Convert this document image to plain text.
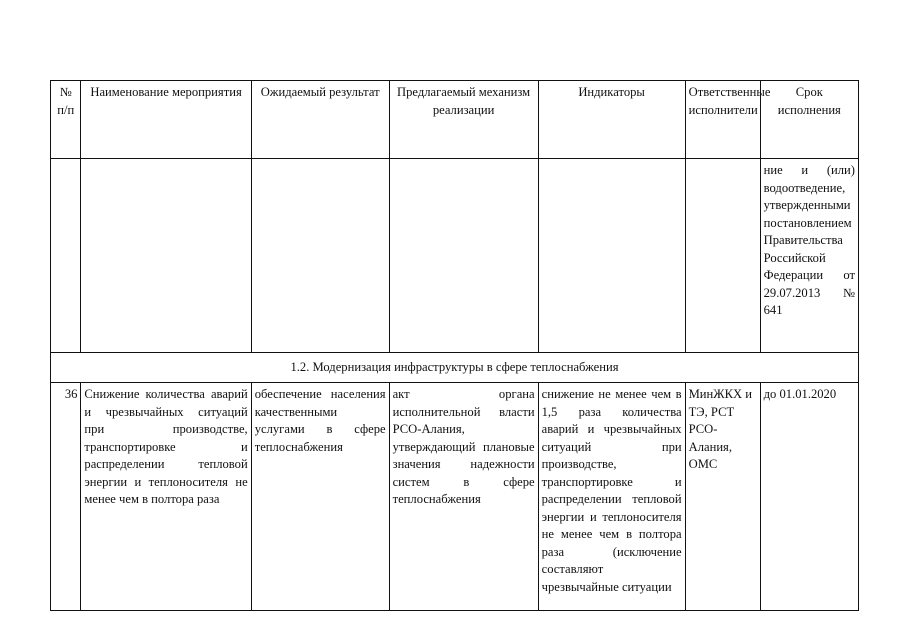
№ п/п	Наименование мероприятия	Ожидаемый результат	Предлагаемый механизм реализации	Индикаторы	Ответственные исполнители	Срок исполнения
						ние и (или) водоотведение, утвержденными постановлением Правительства Российской Федерации от 29.07.2013 № 641
1.2. Модернизация инфраструктуры в сфере теплоснабжения						
36	Снижение количества аварий и чрезвычайных ситуаций при производстве, транспортировке и распределении тепловой энергии и теплоносителя не менее чем в полтора раза	обеспечение населения качественными услугами в сфере теплоснабжения	акт органа исполнительной власти РСО-Алания, утверждающий плановые значения надежности систем в сфере теплоснабжения	снижение не менее чем в 1,5 раза количества аварий и чрезвычайных ситуаций при производстве, транспортировке и распределении тепловой энергии и теплоносителя не менее чем в полтора раза (исключение составляют чрезвычайные ситуации	МинЖКХ и ТЭ, РСТ РСО-Алания, ОМС	до 01.01.2020
